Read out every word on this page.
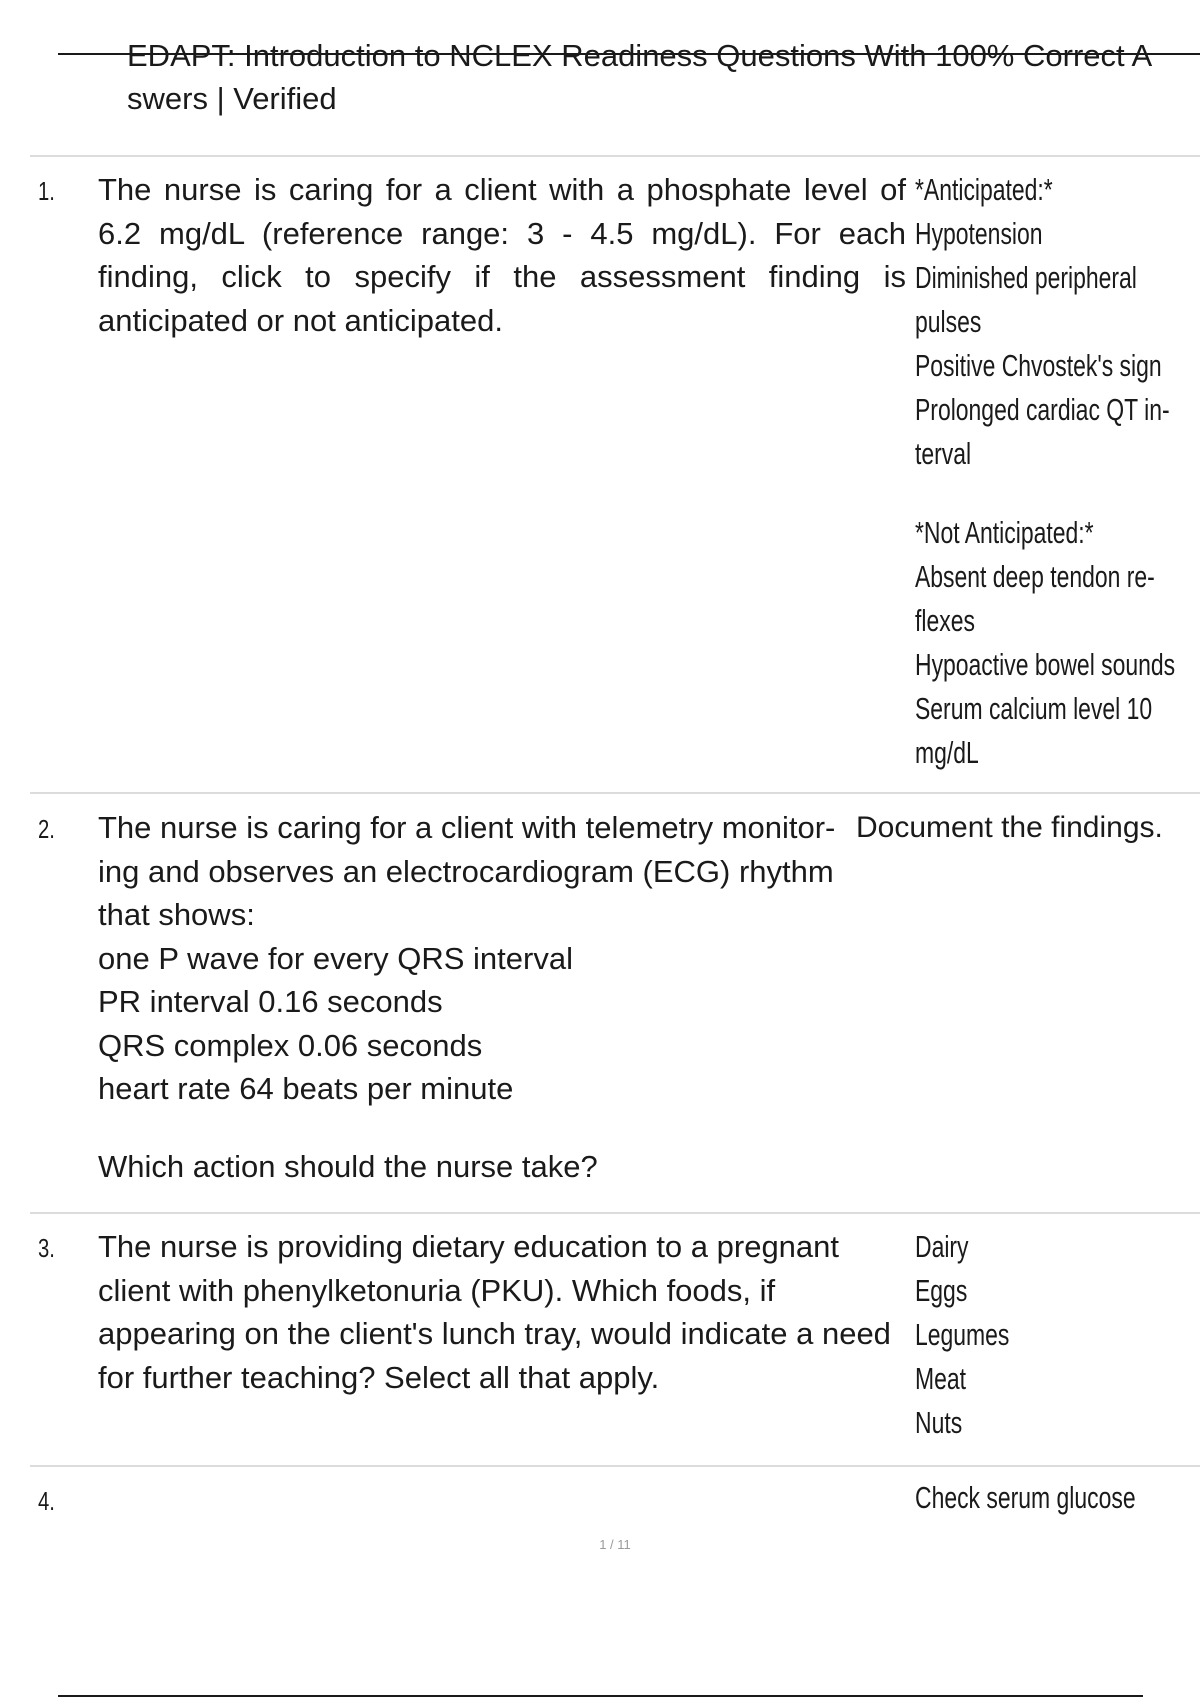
EDAPT: Introduction to NCLEX Readiness Questions With 100% Correct A
swers | Verified
1. The nurse is caring for a client with a phosphate level of 6.2 mg/dL (reference range: 3 - 4.5 mg/dL). For each finding, click to specify if the assessment finding is anticipated or not anticipated.

*Anticipated:*
Hypotension
Diminished peripheral
pulses
Positive Chvostek's sign
Prolonged cardiac QT in-
terval
*Not Anticipated:*
Absent deep tendon re-
flexes
Hypoactive bowel sounds
Serum calcium level 10
mg/dL
2. The nurse is caring for a client with telemetry monitor-

ing and observes an electrocardiogram (ECG) rhythm

that shows:

one P wave for every QRS interval

PR interval 0.16 seconds

QRS complex 0.06 seconds

heart rate 64 beats per minute

Which action should the nurse take?

Document the findings.
3. The nurse is providing dietary education to a pregnant client with phenylketonuria (PKU). Which foods, if appearing on the client's lunch tray, would indicate a need for further teaching? Select all that apply.

Dairy
Eggs
Legumes
Meat
Nuts
4.	Check serum glucose
1 / 11
